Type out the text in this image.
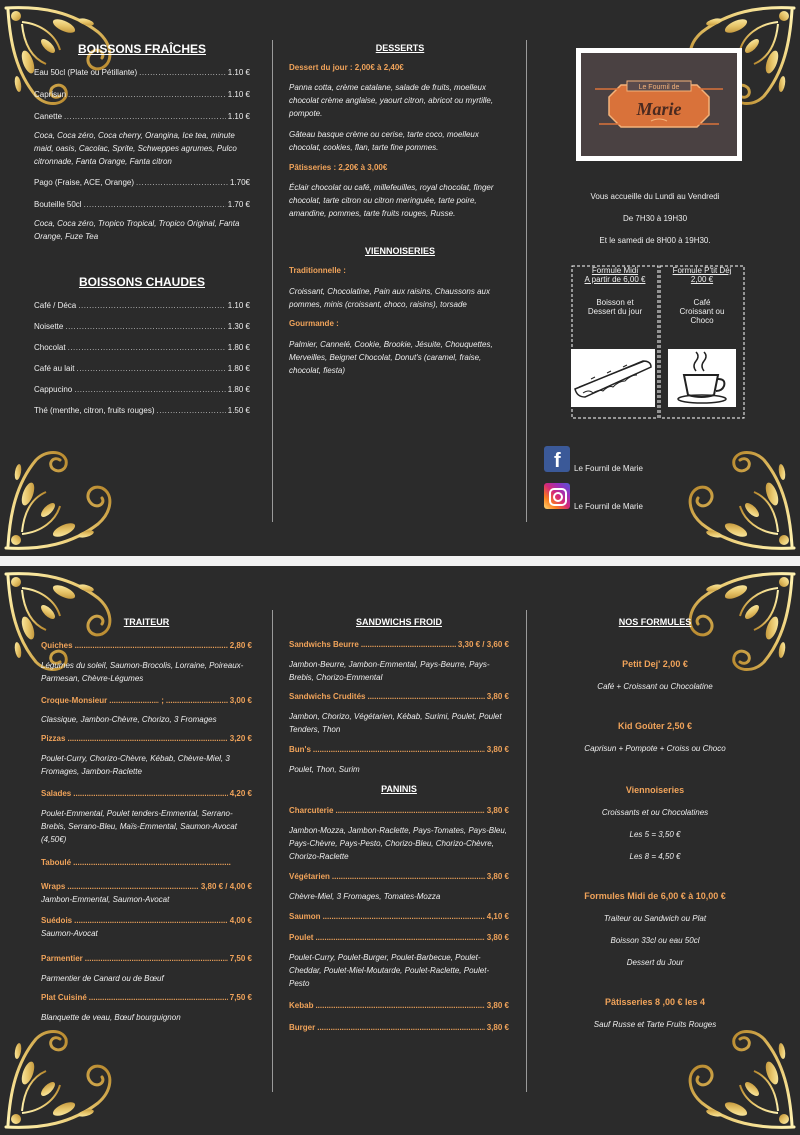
BOISSONS FRAÎCHES
Eau 50cl (Plate ou Pétillante) .....	1.10 €
Caprisun .....	1.10 €
Canette .....	1.10 €
Coca, Coca zéro, Coca cherry, Orangina, Ice tea, minute maid, oasis, Cacolac, Sprite, Schweppes agrumes, Pulco citronnade, Fanta Orange, Fanta citron
Pago (Fraise, ACE, Orange) .....	1.70€
Bouteille 50cl .....	1.70 €
Coca, Coca zéro, Tropico Tropical, Tropico Original, Fanta Orange, Fuze Tea
BOISSONS CHAUDES
Café / Déca .....	1.10 €
Noisette .....	1.30 €
Chocolat .....	1.80 €
Café au lait .....	1.80 €
Cappucino .....	1.80 €
Thé (menthe, citron, fruits rouges) .....	1.50 €
DESSERTS
Dessert du jour : 2,00€ à 2,40€
Panna cotta, crème catalane, salade de fruits, moelleux chocolat crème anglaise, yaourt citron, abricot ou myrtille, pompote.
Gâteau basque crème ou cerise, tarte coco, moelleux chocolat, cookies, flan, tarte fine pommes.
Pâtisseries : 2,20€ à 3,00€
Éclair chocolat ou café, millefeuilles, royal chocolat, finger chocolat, tarte citron ou citron meringuée, tarte poire, amandine, pommes, tarte fruits rouges, Russe.
VIENNOISERIES
Traditionnelle :
Croissant, Chocolatine, Pain aux raisins, Chaussons aux pommes, minis (croissant, choco, raisins), torsade
Gourmande :
Palmier, Cannelé, Cookie, Brookie, Jésuite, Chouquettes, Merveilles, Beignet Chocolat, Donut's (caramel, fraise, chocolat, fiesta)
Le Fournil de
Marie
Vous accueille du Lundi au Vendredi
De 7H30 à 19H30
Et le samedi de 8H00 à 19H30.
Formule Midi
A partir de 6,00 €
Boisson et
Dessert du jour
Formule P'tit Déj
2,00 €
Café
Croissant ou
Choco
f Le Fournil de Marie
Le Fournil de Marie
TRAITEUR
Quiches .....	2,80 €
Légumes du soleil, Saumon-Brocolis, Lorraine, Poireaux-Parmesan, Chèvre-Légumes
Croque-Monsieur .....	; .....	3,00 €
Classique, Jambon-Chèvre, Chorizo, 3 Fromages
Pizzas .....	3,20 €
Poulet-Curry, Chorizo-Chèvre, Kébab, Chèvre-Miel, 3 Fromages, Jambon-Raclette
Salades .....	4,20 €
Poulet-Emmental, Poulet tenders-Emmental, Serrano-Brebis, Serrano-Bleu, Maïs-Emmental, Saumon-Avocat (4,50€)
Taboulé
.....
Wraps .....	3,80 € / 4,00 €
Jambon-Emmental, Saumon-Avocat
Suédois .....	4,00 €
Saumon-Avocat
Parmentier .....	7,50 €
Parmentier de Canard ou de Bœuf
Plat Cuisiné .....	7,50 €
Blanquette de veau, Bœuf bourguignon
SANDWICHS FROID
Sandwichs Beurre .....	3,30 € / 3,60 €
Jambon-Beurre, Jambon-Emmental, Pays-Beurre, Pays-Brebis, Chorizo-Emmental
Sandwichs Crudités .....	3,80 €
Jambon, Chorizo, Végétarien, Kébab, Surimi, Poulet, Poulet Tenders, Thon
Bun's .....	3,80 €
Poulet, Thon, Surim
PANINIS
Charcuterie .....	3,80 €
Jambon-Mozza, Jambon-Raclette, Pays-Tomates, Pays-Bleu, Pays-Chèvre, Pays-Pesto, Chorizo-Bleu, Chorizo-Chèvre, Chorizo-Raclette
Végétarien .....	3,80 €
Chèvre-Miel, 3 Fromages, Tomates-Mozza
Saumon .....	4,10 €
Poulet .....	3,80 €
Poulet-Curry, Poulet-Burger, Poulet-Barbecue, Poulet-Cheddar, Poulet-Miel-Moutarde, Poulet-Raclette, Poulet-Pesto
Kebab .....	3,80 €
Burger .....	3,80 €
NOS FORMULES
Petit Dej' 2,00 €
Café + Croissant ou Chocolatine
Kid Goûter 2,50 €
Caprisun + Pompote + Croiss ou Choco
Viennoiseries
Croissants et ou Chocolatines
Les 5 = 3,50 €
Les 8 = 4,50 €
Formules Midi de 6,00 € à 10,00 €
Traiteur ou Sandwich ou Plat
Boisson 33cl ou eau 50cl
Dessert du Jour
Pâtisseries 8 ,00 € les 4
Sauf Russe et Tarte Fruits Rouges
